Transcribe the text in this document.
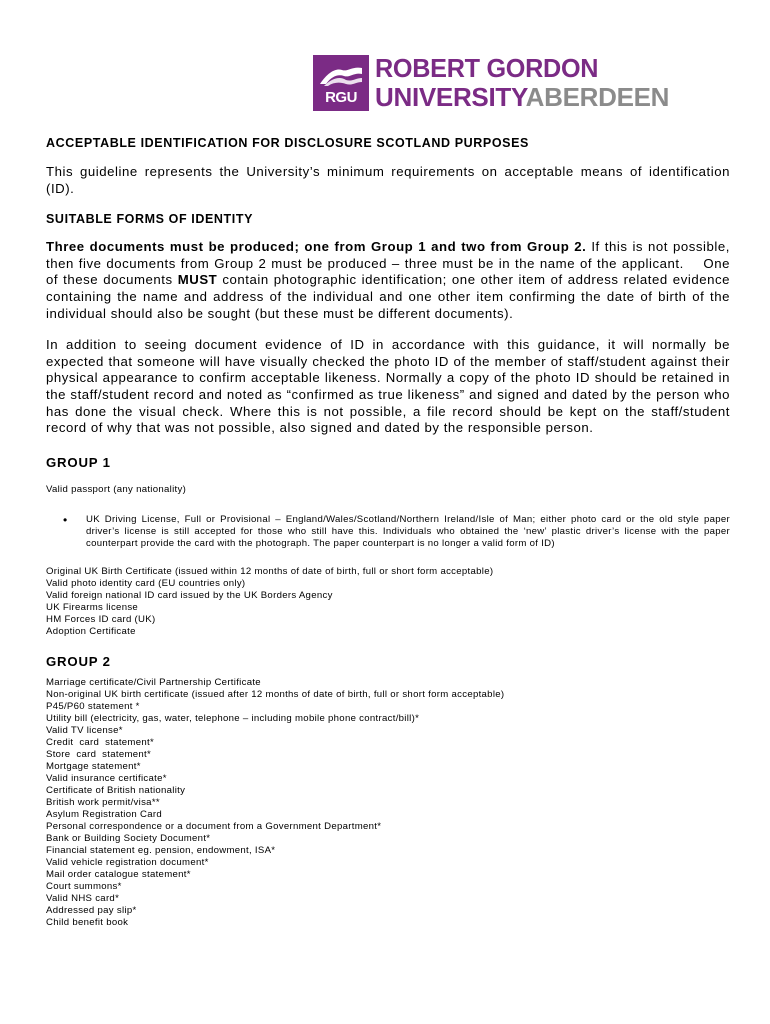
RGU
ROBERT GORDON
UNIVERSITYABERDEEN
ACCEPTABLE IDENTIFICATION FOR DISCLOSURE SCOTLAND PURPOSES
This guideline represents the University’s minimum requirements on acceptable means of identification (ID).
SUITABLE FORMS OF IDENTITY
Three documents must be produced; one from Group 1 and two from Group 2. If this is not possible, then five documents from Group 2 must be produced – three must be in the name of the applicant.    One of these documents MUST contain photographic identification; one other item of address related evidence containing the name and address of the individual and one other item confirming the date of birth of the individual should also be sought (but these must be different documents).
In addition to seeing document evidence of ID in accordance with this guidance, it will normally be expected that someone will have visually checked the photo ID of the member of staff/student against their physical appearance to confirm acceptable likeness. Normally a copy of the photo ID should be retained in the staff/student record and noted as “confirmed as true likeness” and signed and dated by the person who has done the visual check. Where this is not possible, a file record should be kept on the staff/student record of why that was not possible, also signed and dated by the responsible person.
GROUP 1
Valid passport (any nationality)
• UK Driving License, Full or Provisional – England/Wales/Scotland/Northern Ireland/Isle of Man; either photo card or the old style paper driver’s license is still accepted for those who still have this. Individuals who obtained the ‘new’ plastic driver’s license with the paper counterpart provide the card with the photograph. The paper counterpart is no longer a valid form of ID)
Original UK Birth Certificate (issued within 12 months of date of birth, full or short form acceptable)
Valid photo identity card (EU countries only)
Valid foreign national ID card issued by the UK Borders Agency
UK Firearms license
HM Forces ID card (UK)
Adoption Certificate
GROUP 2
Marriage certificate/Civil Partnership Certificate
Non-original UK birth certificate (issued after 12 months of date of birth, full or short form acceptable)
P45/P60 statement *
Utility bill (electricity, gas, water, telephone – including mobile phone contract/bill)*
Valid TV license*
Credit  card  statement*
Store  card  statement*
Mortgage statement*
Valid insurance certificate*
Certificate of British nationality
British work permit/visa**
Asylum Registration Card
Personal correspondence or a document from a Government Department*
Bank or Building Society Document*
Financial statement eg. pension, endowment, ISA*
Valid vehicle registration document*
Mail order catalogue statement*
Court summons*
Valid NHS card*
Addressed pay slip*
Child benefit book
